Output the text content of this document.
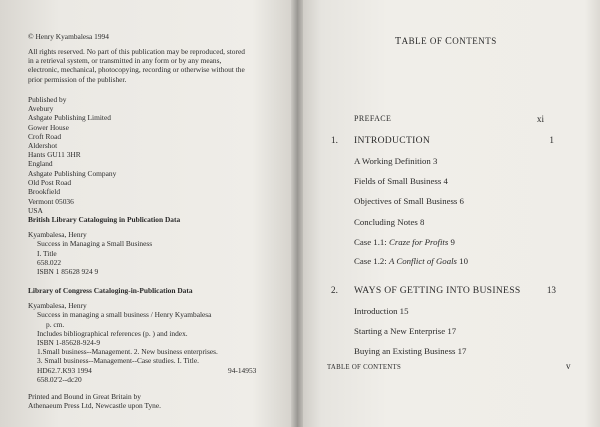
© Henry Kyambalesa 1994
All rights reserved. No part of this publication may be reproduced, stored
in a retrieval system, or transmitted in any form or by any means,
electronic, mechanical, photocopying, recording or otherwise without the
prior permission of the publisher.
Published by
Avebury
Ashgate Publishing Limited
Gower House
Croft Road
Aldershot
Hants GU11 3HR
England
Ashgate Publishing Company
Old Post Road
Brookfield
Vermont 05036
USA
British Library Cataloguing in Publication Data
Kyambalesa, Henry
Success in Managing a Small Business
I. Title
658.022
ISBN 1 85628 924 9
Library of Congress Cataloging-in-Publication Data
Kyambalesa, Henry
Success in managing a small business / Henry Kyambalesa
p. cm.
Includes bibliographical references (p. ) and index.
ISBN 1-85628-924-9
1.Small business--Management. 2. New business enterprises.
3. Small business--Management--Case studies. I. Title.
HD62.7.K93 1994	94-14953
658.02'2--dc20
Printed and Bound in Great Britain by
Athenaeum Press Ltd, Newcastle upon Tyne.
TABLE OF CONTENTS
PREFACE	xi
1. INTRODUCTION	1
A Working Definition 3
Fields of Small Business 4
Objectives of Small Business 6
Concluding Notes 8
Case 1.1: Craze for Profits 9
Case 1.2: A Conflict of Goals 10
2. WAYS OF GETTING INTO BUSINESS	13
Introduction 15
Starting a New Enterprise 17
Buying an Existing Business 17
TABLE OF CONTENTS	v
